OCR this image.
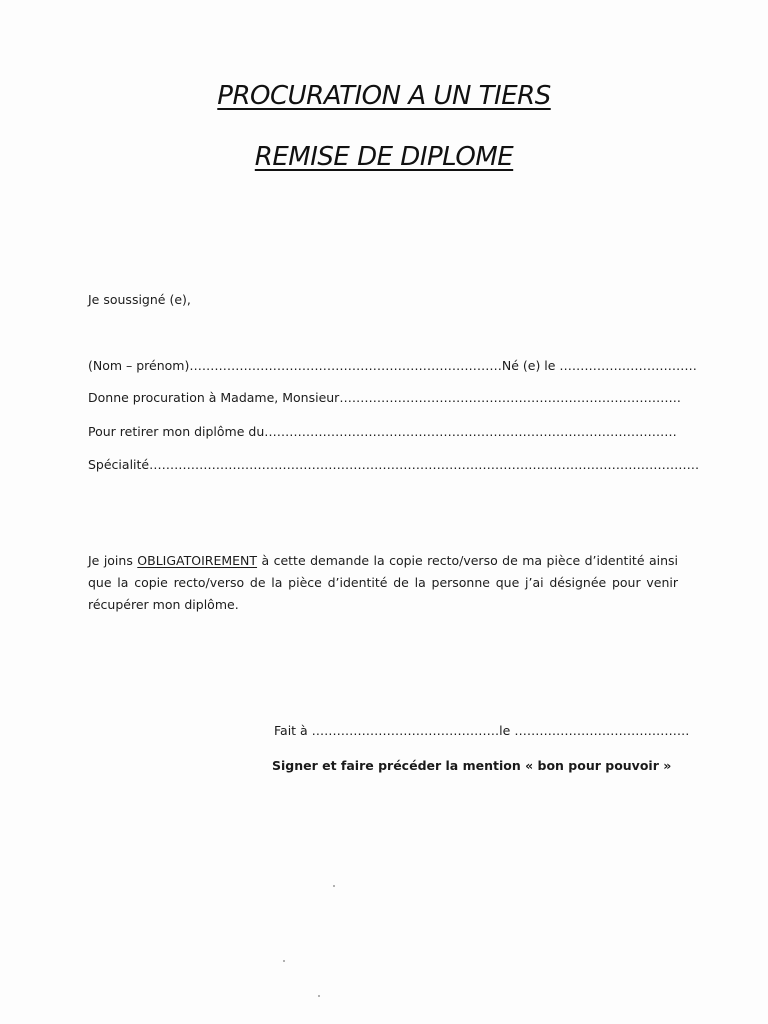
PROCURATION A UN TIERS
REMISE DE DIPLOME
Je soussigné (e),
(Nom – prénom)…………………………………………………………………Né (e) le ……………………………
Donne procuration à Madame, Monsieur……………………………………………………………………….
Pour retirer mon diplôme du………………………………………………………………………………………
Spécialité……………………………………………………………………………………………………………………
Je joins OBLIGATOIREMENT à cette demande la copie recto/verso de ma pièce d’identité ainsi que la copie recto/verso de la pièce d’identité de la personne que j’ai désignée pour venir récupérer mon diplôme.
Fait à ………………………………………le ……………………………………
Signer et faire précéder la mention « bon pour pouvoir »
